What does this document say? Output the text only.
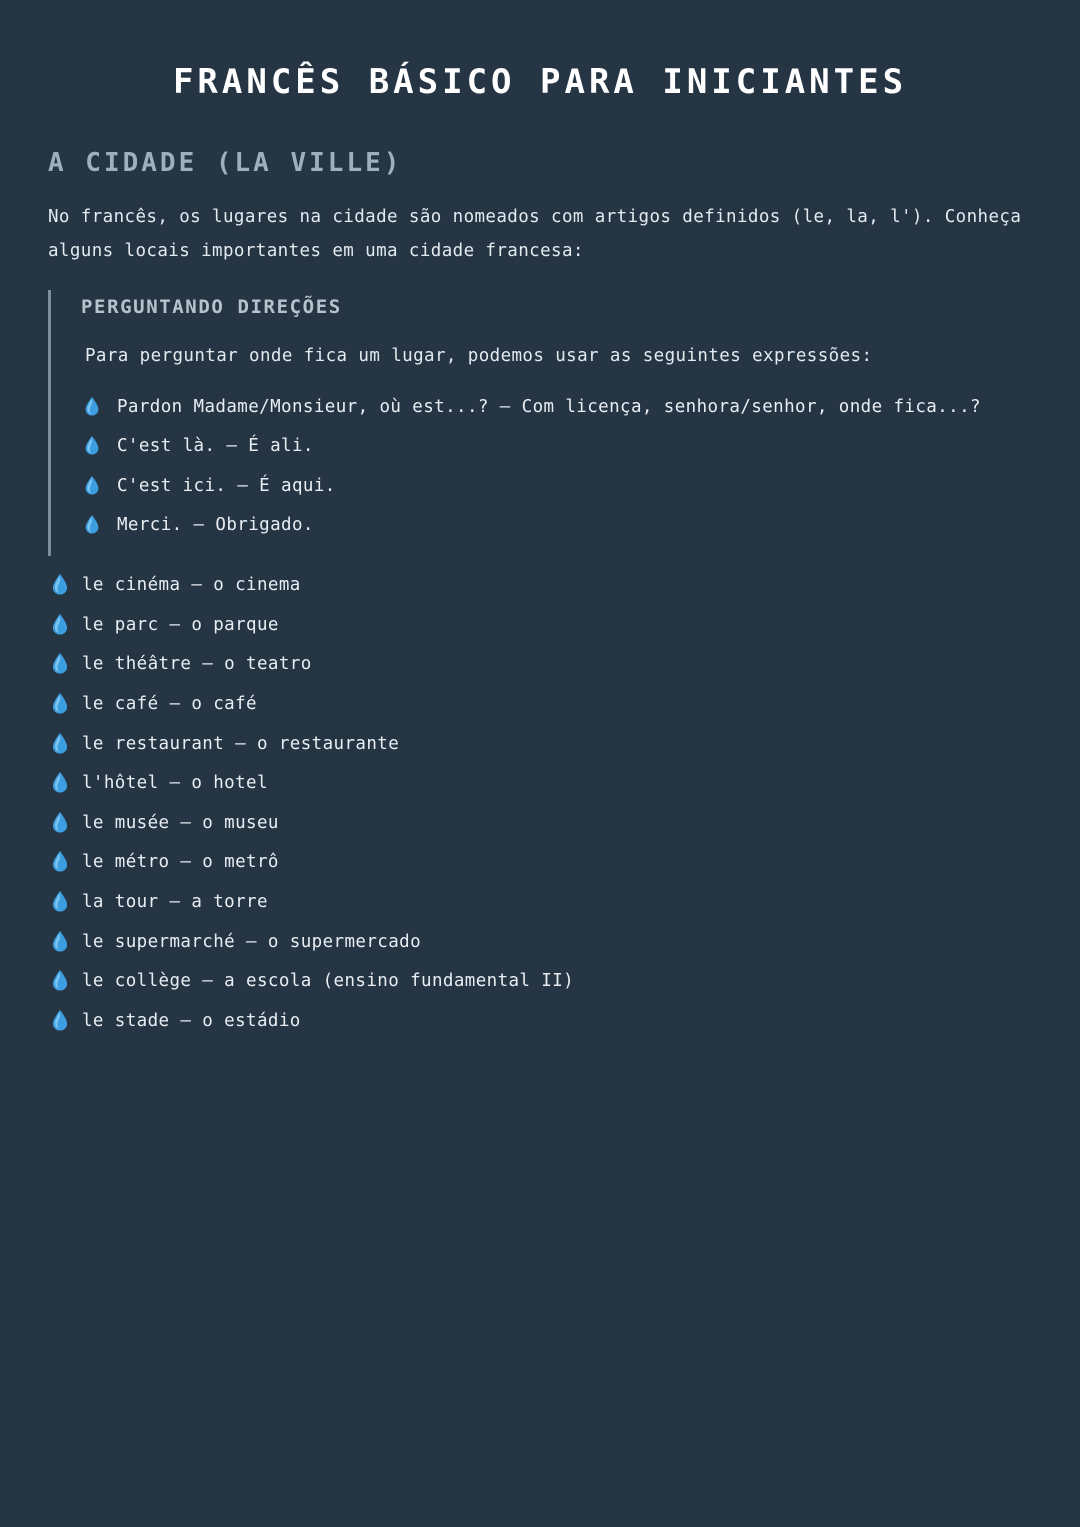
FRANCÊS BÁSICO PARA INICIANTES
A CIDADE (LA VILLE)

No francês, os lugares na cidade são nomeados com artigos definidos (le, la, l'). Conheça alguns locais importantes em uma cidade francesa:

PERGUNTANDO DIREÇÕES

Para perguntar onde fica um lugar, podemos usar as seguintes expressões:

Pardon Madame/Monsieur, où est...? – Com licença, senhora/senhor, onde fica...?
C'est là. – É ali.
C'est ici. – É aqui.
Merci. – Obrigado.
le cinéma – o cinema
le parc – o parque
le théâtre – o teatro
le café – o café
le restaurant – o restaurante
l'hôtel – o hotel
le musée – o museu
le métro – o metrô
la tour – a torre
le supermarché – o supermercado
le collège – a escola (ensino fundamental II)
le stade – o estádio
